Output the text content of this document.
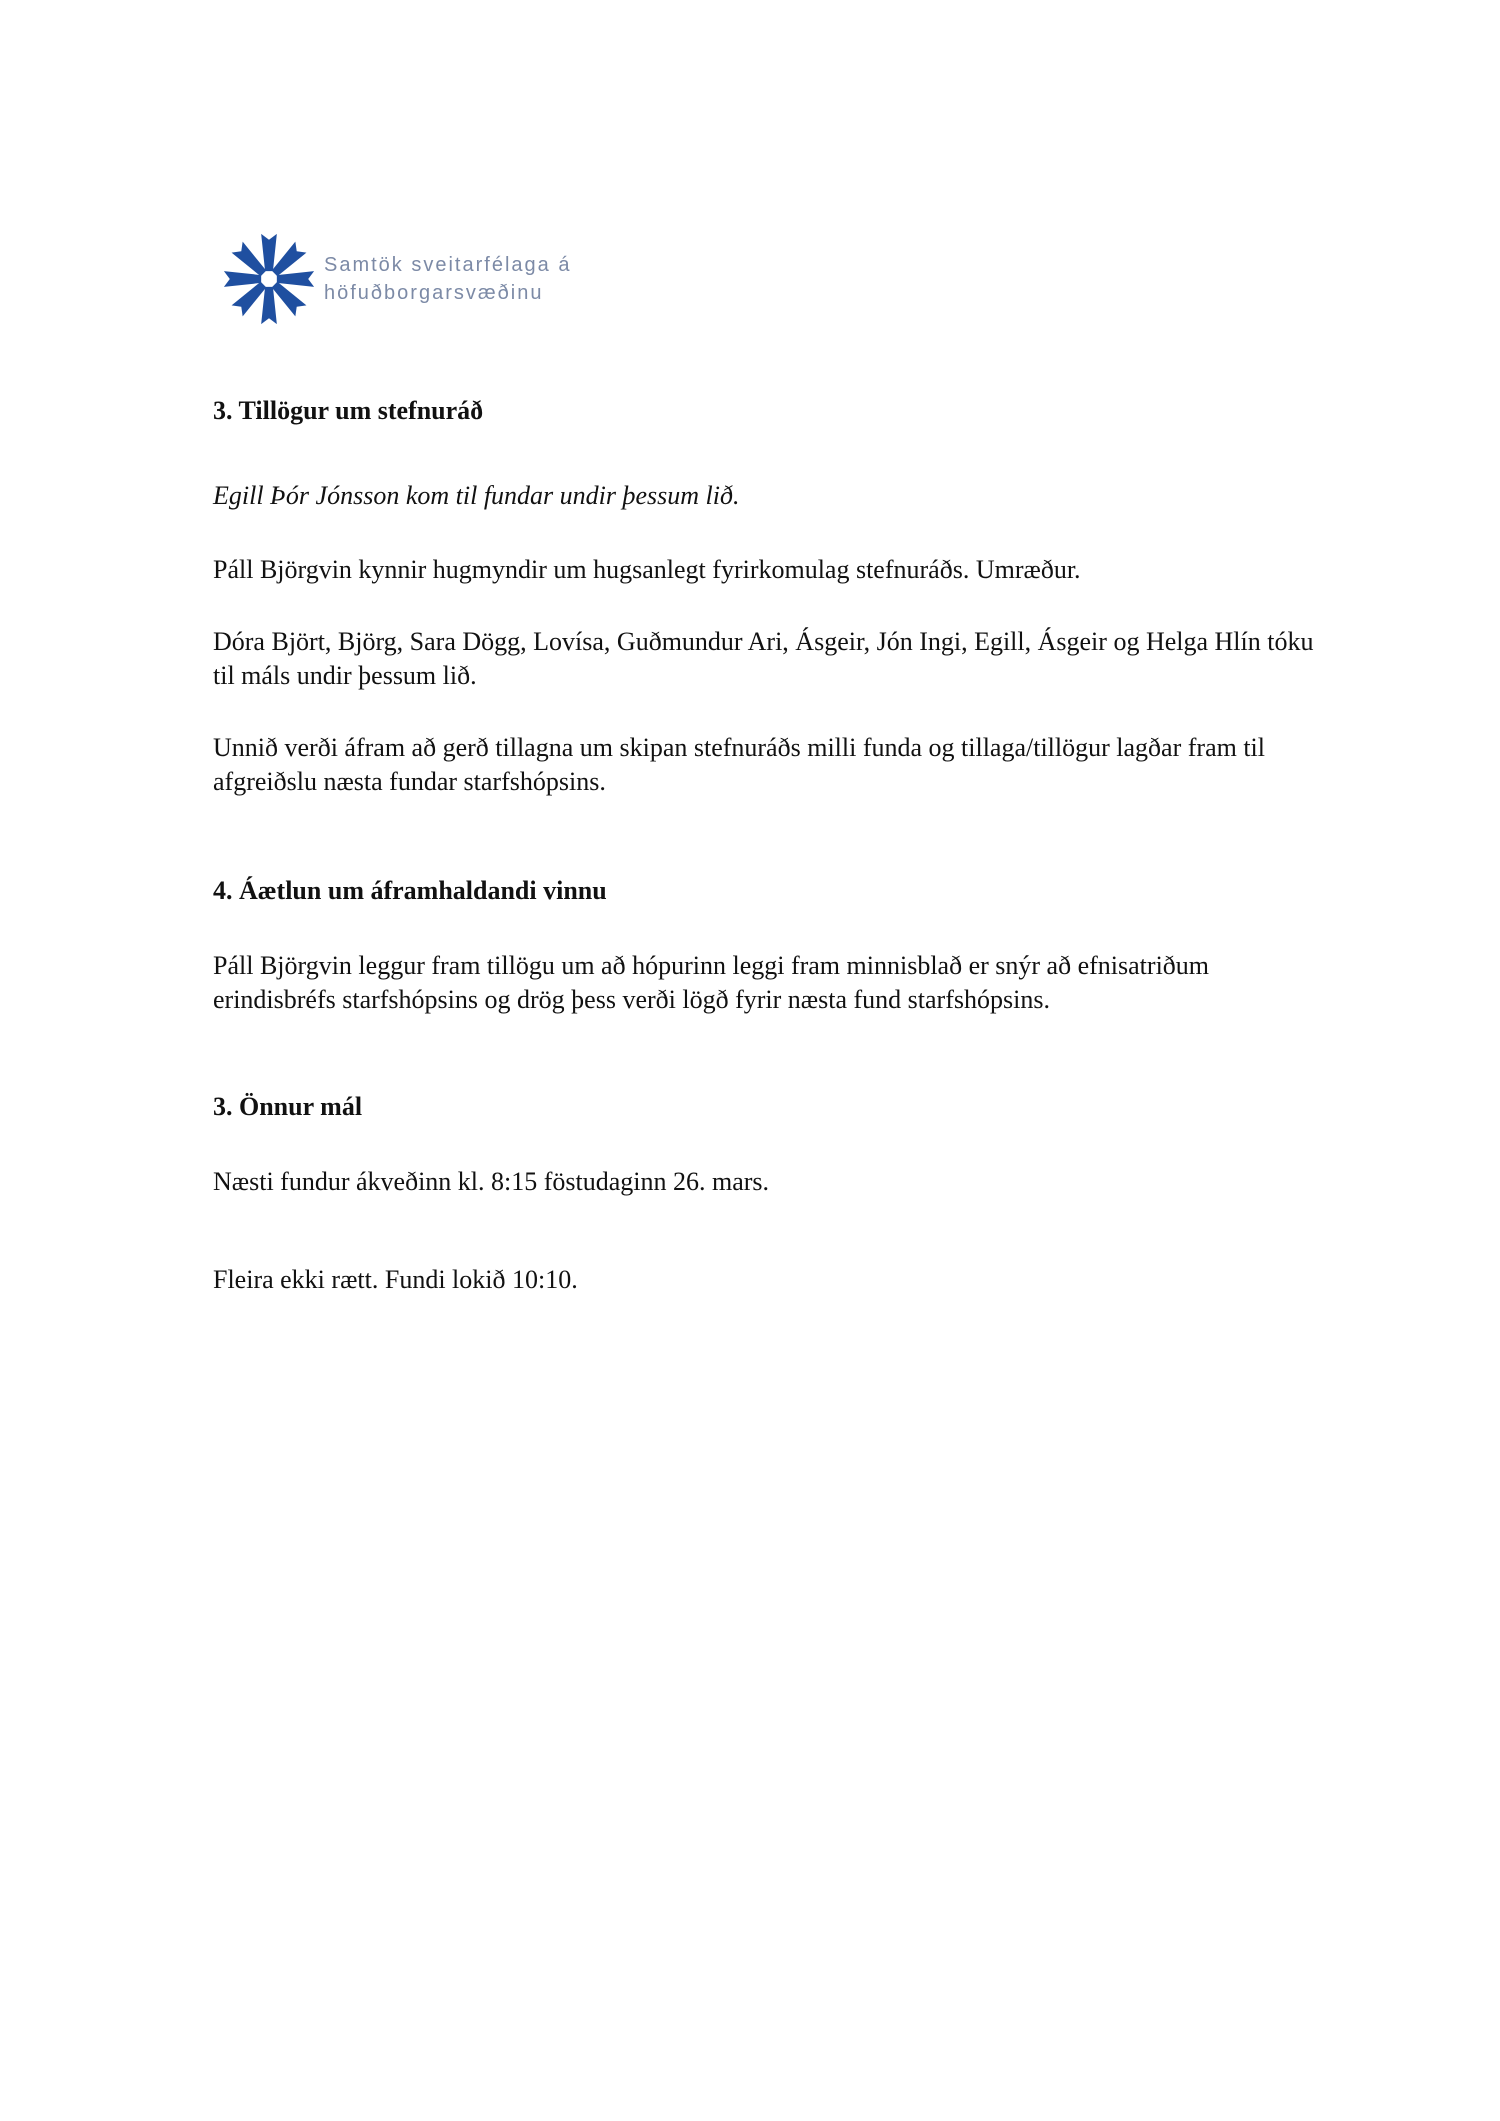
Samtök sveitarfélaga á
höfuðborgarsvæðinu

3. Tillögur um stefnuráð

Egill Þór Jónsson kom til fundar undir þessum lið.

Páll Björgvin kynnir hugmyndir um hugsanlegt fyrirkomulag stefnuráðs. Umræður.

Dóra Björt, Björg, Sara Dögg, Lovísa, Guðmundur Ari, Ásgeir, Jón Ingi, Egill, Ásgeir og Helga Hlín tóku til máls undir þessum lið.

Unnið verði áfram að gerð tillagna um skipan stefnuráðs milli funda og tillaga/tillögur lagðar fram til afgreiðslu næsta fundar starfshópsins.

4. Áætlun um áframhaldandi vinnu

Páll Björgvin leggur fram tillögu um að hópurinn leggi fram minnisblað er snýr að efnisatriðum erindisbréfs starfshópsins og drög þess verði lögð fyrir næsta fund starfshópsins.

3. Önnur mál

Næsti fundur ákveðinn kl. 8:15 föstudaginn 26. mars.

Fleira ekki rætt. Fundi lokið 10:10.
